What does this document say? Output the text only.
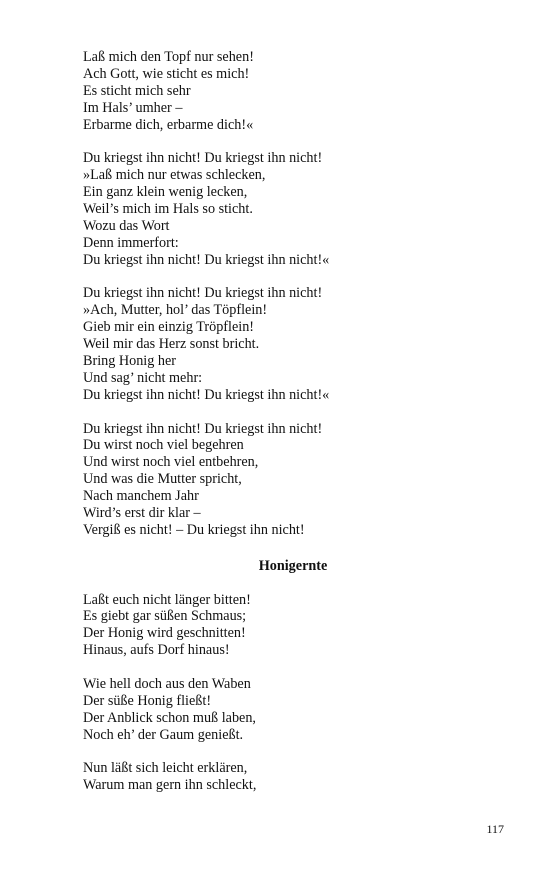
Laß mich den Topf nur sehen!
Ach Gott, wie sticht es mich!
Es sticht mich sehr
Im Hals’ umher –
Erbarme dich, erbarme dich!«
Du kriegst ihn nicht! Du kriegst ihn nicht!
»Laß mich nur etwas schlecken,
Ein ganz klein wenig lecken,
Weil’s mich im Hals so sticht.
Wozu das Wort
Denn immerfort:
Du kriegst ihn nicht! Du kriegst ihn nicht!«
Du kriegst ihn nicht! Du kriegst ihn nicht!
»Ach, Mutter, hol’ das Töpflein!
Gieb mir ein einzig Tröpflein!
Weil mir das Herz sonst bricht.
Bring Honig her
Und sag’ nicht mehr:
Du kriegst ihn nicht! Du kriegst ihn nicht!«
Du kriegst ihn nicht! Du kriegst ihn nicht!
Du wirst noch viel begehren
Und wirst noch viel entbehren,
Und was die Mutter spricht,
Nach manchem Jahr
Wird’s erst dir klar –
Vergiß es nicht! – Du kriegst ihn nicht!
Honigernte
Laßt euch nicht länger bitten!
Es giebt gar süßen Schmaus;
Der Honig wird geschnitten!
Hinaus, aufs Dorf hinaus!
Wie hell doch aus den Waben
Der süße Honig fließt!
Der Anblick schon muß laben,
Noch eh’ der Gaum genießt.
Nun läßt sich leicht erklären,
Warum man gern ihn schleckt,
117
